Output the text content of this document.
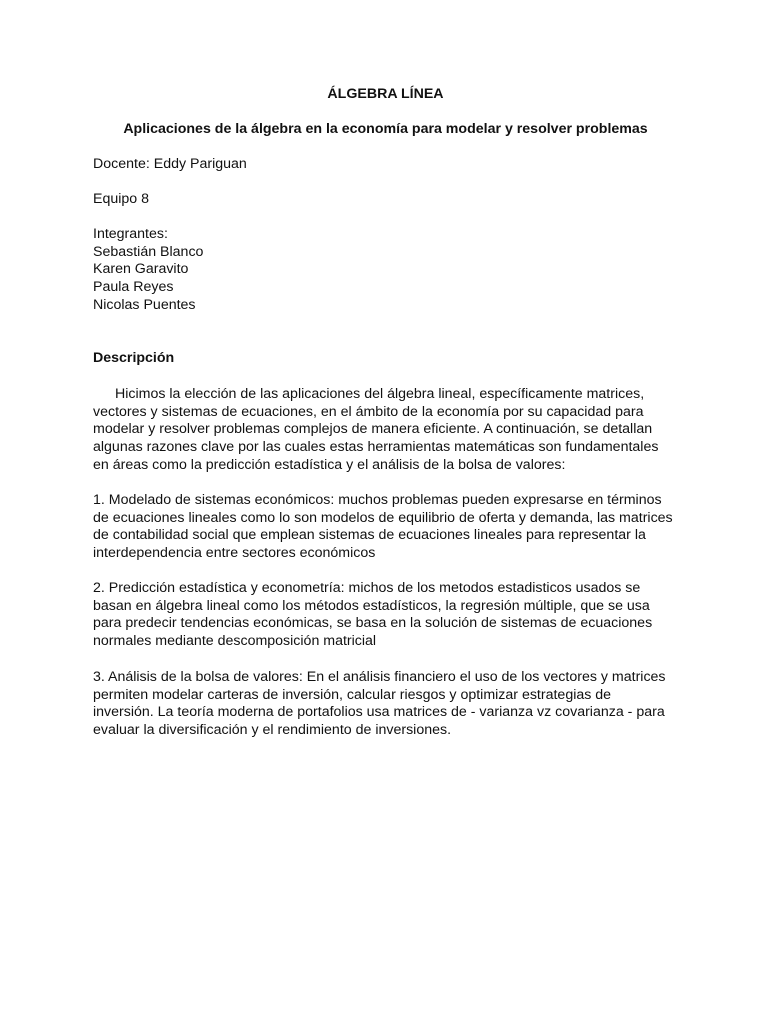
ÁLGEBRA LÍNEA

Aplicaciones de la álgebra en la economía para modelar y resolver problemas

Docente: Eddy Pariguan

Equipo 8

Integrantes:

Sebastián Blanco

Karen Garavito

Paula Reyes

Nicolas Puentes

Descripción

Hicimos la elección de las aplicaciones del álgebra lineal, específicamente matrices,

vectores y sistemas de ecuaciones, en el ámbito de la economía por su capacidad para

modelar y resolver problemas complejos de manera eficiente. A continuación, se detallan

algunas razones clave por las cuales estas herramientas matemáticas son fundamentales

en áreas como la predicción estadística y el análisis de la bolsa de valores:

1. Modelado de sistemas económicos: muchos problemas pueden expresarse en términos

de ecuaciones lineales como lo son modelos de equilibrio de oferta y demanda, las matrices

de contabilidad social que emplean sistemas de ecuaciones lineales para representar la

interdependencia entre sectores económicos

2. Predicción estadística y econometría: michos de los metodos estadisticos usados se

basan en álgebra lineal como los métodos estadísticos, la regresión múltiple, que se usa

para predecir tendencias económicas, se basa en la solución de sistemas de ecuaciones

normales mediante descomposición matricial

3. Análisis de la bolsa de valores: En el análisis financiero el uso de los vectores y matrices

permiten modelar carteras de inversión, calcular riesgos y optimizar estrategias de

inversión. La teoría moderna de portafolios usa matrices de - varianza vz covarianza - para

evaluar la diversificación y el rendimiento de inversiones.
